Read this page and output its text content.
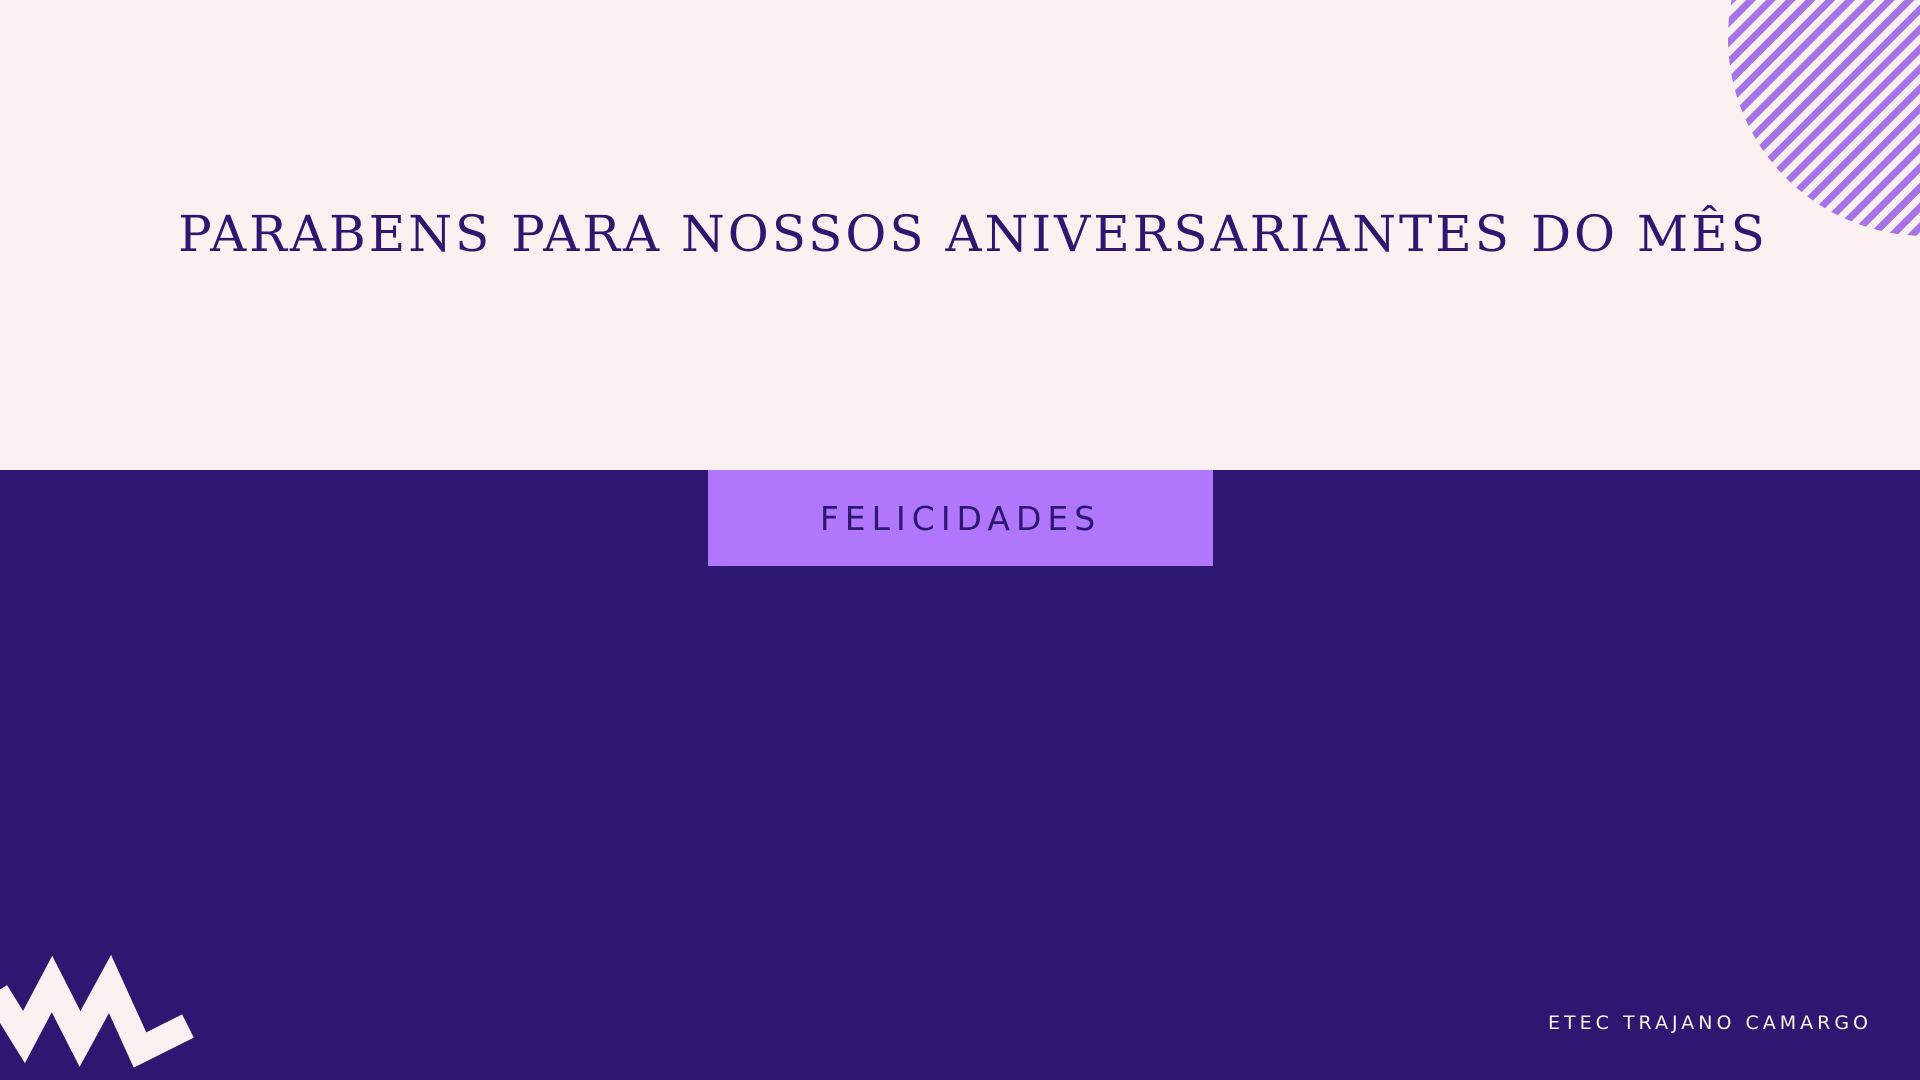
PARABENS PARA NOSSOS ANIVERSARIANTES DO MÊS
FELICIDADES
ETEC TRAJANO CAMARGO
